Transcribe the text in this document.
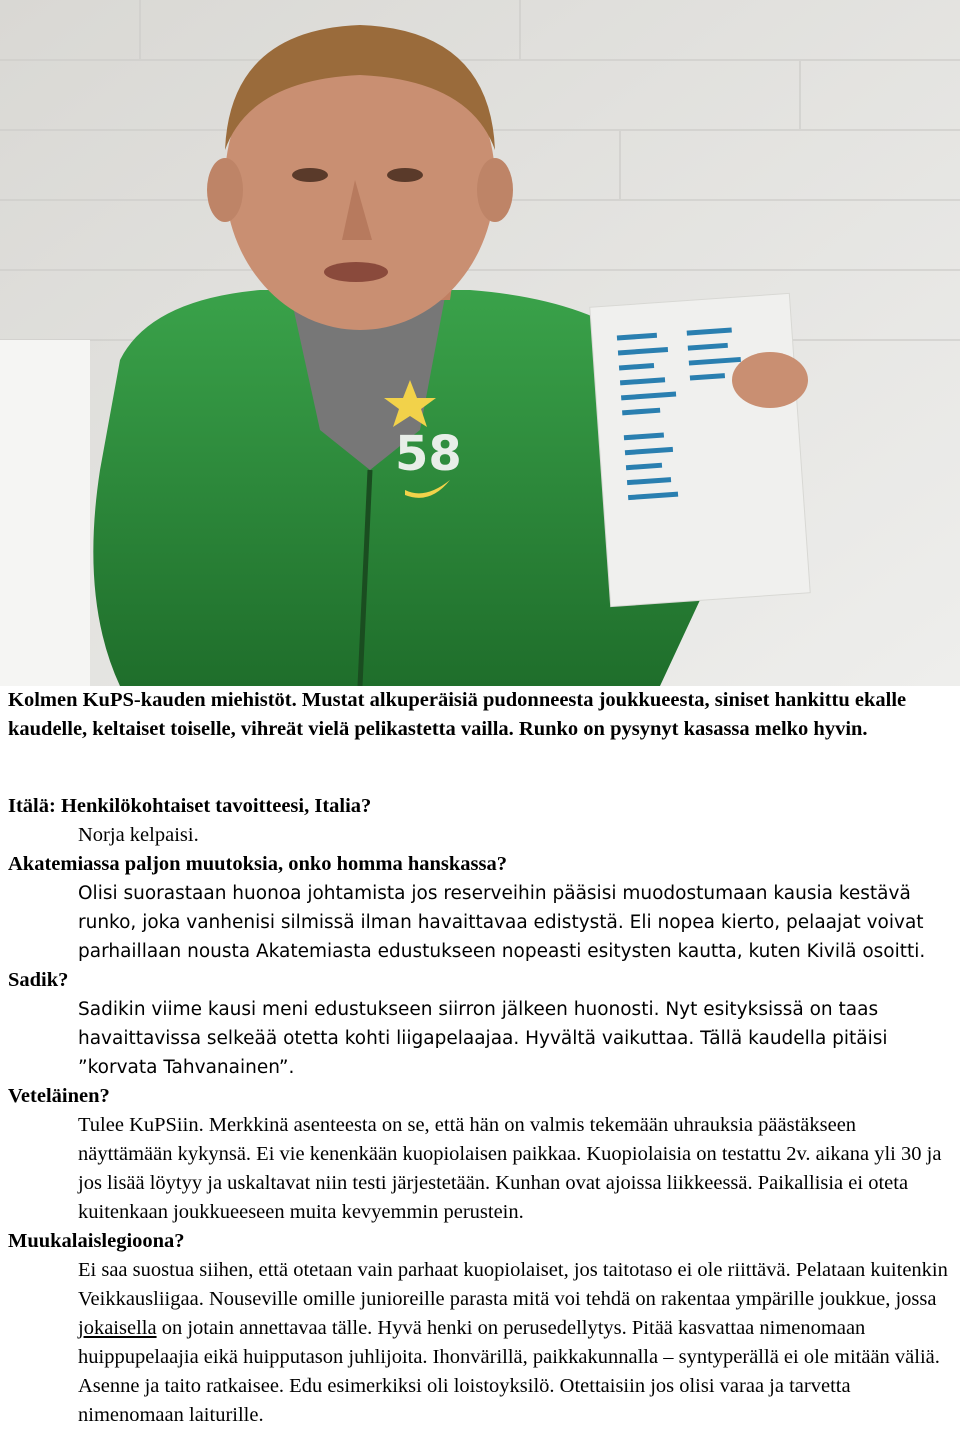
58

Kolmen KuPS-kauden miehistöt. Mustat alkuperäisiä pudonneesta joukkueesta, siniset hankittu ekalle kaudelle, keltaiset toiselle, vihreät vielä pelikastetta vailla. Runko on pysynyt kasassa melko hyvin.

Itälä: Henkilökohtaiset tavoitteesi, Italia?

Norja kelpaisi.

Akatemiassa paljon muutoksia, onko homma hanskassa?

Olisi suorastaan huonoa johtamista jos reserveihin pääsisi muodostumaan kausia kestävä runko, joka vanhenisi silmissä ilman havaittavaa edistystä. Eli nopea kierto, pelaajat voivat parhaillaan nousta Akatemiasta edustukseen nopeasti esitysten kautta, kuten Kivilä osoitti.

Sadik?

Sadikin viime kausi meni edustukseen siirron jälkeen huonosti. Nyt esityksissä on taas havaittavissa selkeää otetta kohti liigapelaajaa. Hyvältä vaikuttaa. Tällä kaudella pitäisi ”korvata Tahvanainen”.

Veteläinen?

Tulee KuPSiin. Merkkinä asenteesta on se, että hän on valmis tekemään uhrauksia päästäkseen näyttämään kykynsä. Ei vie kenenkään kuopiolaisen paikkaa. Kuopiolaisia on testattu 2v. aikana yli 30 ja jos lisää löytyy ja uskaltavat niin testi järjestetään. Kunhan ovat ajoissa liikkeessä. Paikallisia ei oteta kuitenkaan joukkueeseen muita kevyemmin perustein.

Muukalaislegioona?

Ei saa suostua siihen, että otetaan vain parhaat kuopiolaiset, jos taitotaso ei ole riittävä. Pelataan kuitenkin Veikkausliigaa. Nouseville omille junioreille parasta mitä voi tehdä on rakentaa ympärille joukkue, jossa jokaisella on jotain annettavaa tälle. Hyvä henki on perusedellytys. Pitää kasvattaa nimenomaan huippupelaajia eikä huipputason juhlijoita. Ihonvärillä, paikkakunnalla – syntyperällä ei ole mitään väliä. Asenne ja taito ratkaisee. Edu esimerkiksi oli loistoyksilö. Otettaisiin jos olisi varaa ja tarvetta nimenomaan laiturille.
